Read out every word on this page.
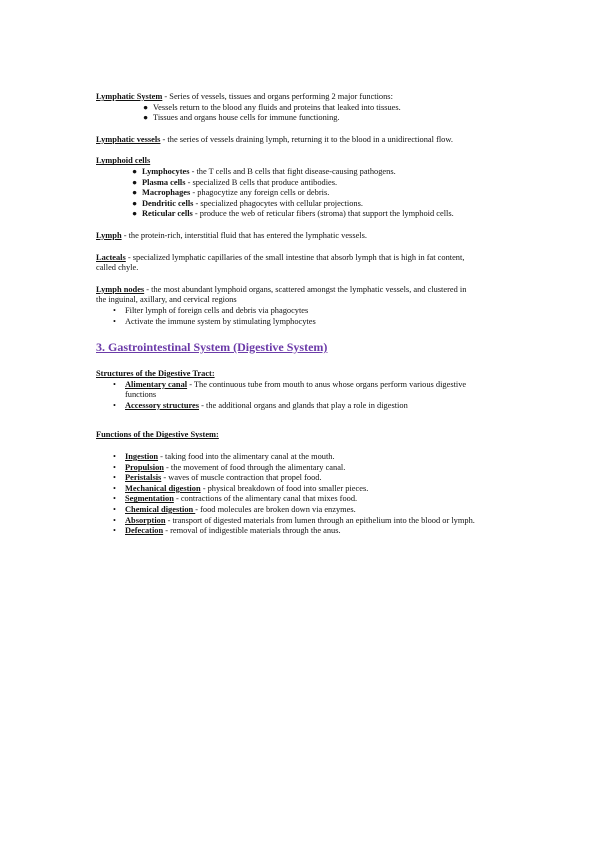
Lymphatic System - Series of vessels, tissues and organs performing 2 major functions:

● Vessels return to the blood any fluids and proteins that leaked into tissues.
● Tissues and organs house cells for immune functioning.

Lymphatic vessels - the series of vessels draining lymph, returning it to the blood in a unidirectional flow.

Lymphoid cells

● Lymphocytes - the T cells and B cells that fight disease-causing pathogens.
● Plasma cells - specialized B cells that produce antibodies.
● Macrophages - phagocytize any foreign cells or debris.
● Dendritic cells - specialized phagocytes with cellular projections.
● Reticular cells - produce the web of reticular fibers (stroma) that support the lymphoid cells.

Lymph - the protein-rich, interstitial fluid that has entered the lymphatic vessels.

Lacteals - specialized lymphatic capillaries of the small intestine that absorb lymph that is high in fat content, called chyle.

Lymph nodes - the most abundant lymphoid organs, scattered amongst the lymphatic vessels, and clustered in the inguinal, axillary, and cervical regions

• Filter lymph of foreign cells and debris via phagocytes
• Activate the immune system by stimulating lymphocytes

3. Gastrointestinal System (Digestive System)

Structures of the Digestive Tract:

• Alimentary canal - The continuous tube from mouth to anus whose organs perform various digestive functions
• Accessory structures - the additional organs and glands that play a role in digestion

Functions of the Digestive System:

• Ingestion - taking food into the alimentary canal at the mouth.
• Propulsion - the movement of food through the alimentary canal.
• Peristalsis - waves of muscle contraction that propel food.
• Mechanical digestion - physical breakdown of food into smaller pieces.
• Segmentation - contractions of the alimentary canal that mixes food.
• Chemical digestion - food molecules are broken down via enzymes.
• Absorption - transport of digested materials from lumen through an epithelium into the blood or lymph.
• Defecation - removal of indigestible materials through the anus.
